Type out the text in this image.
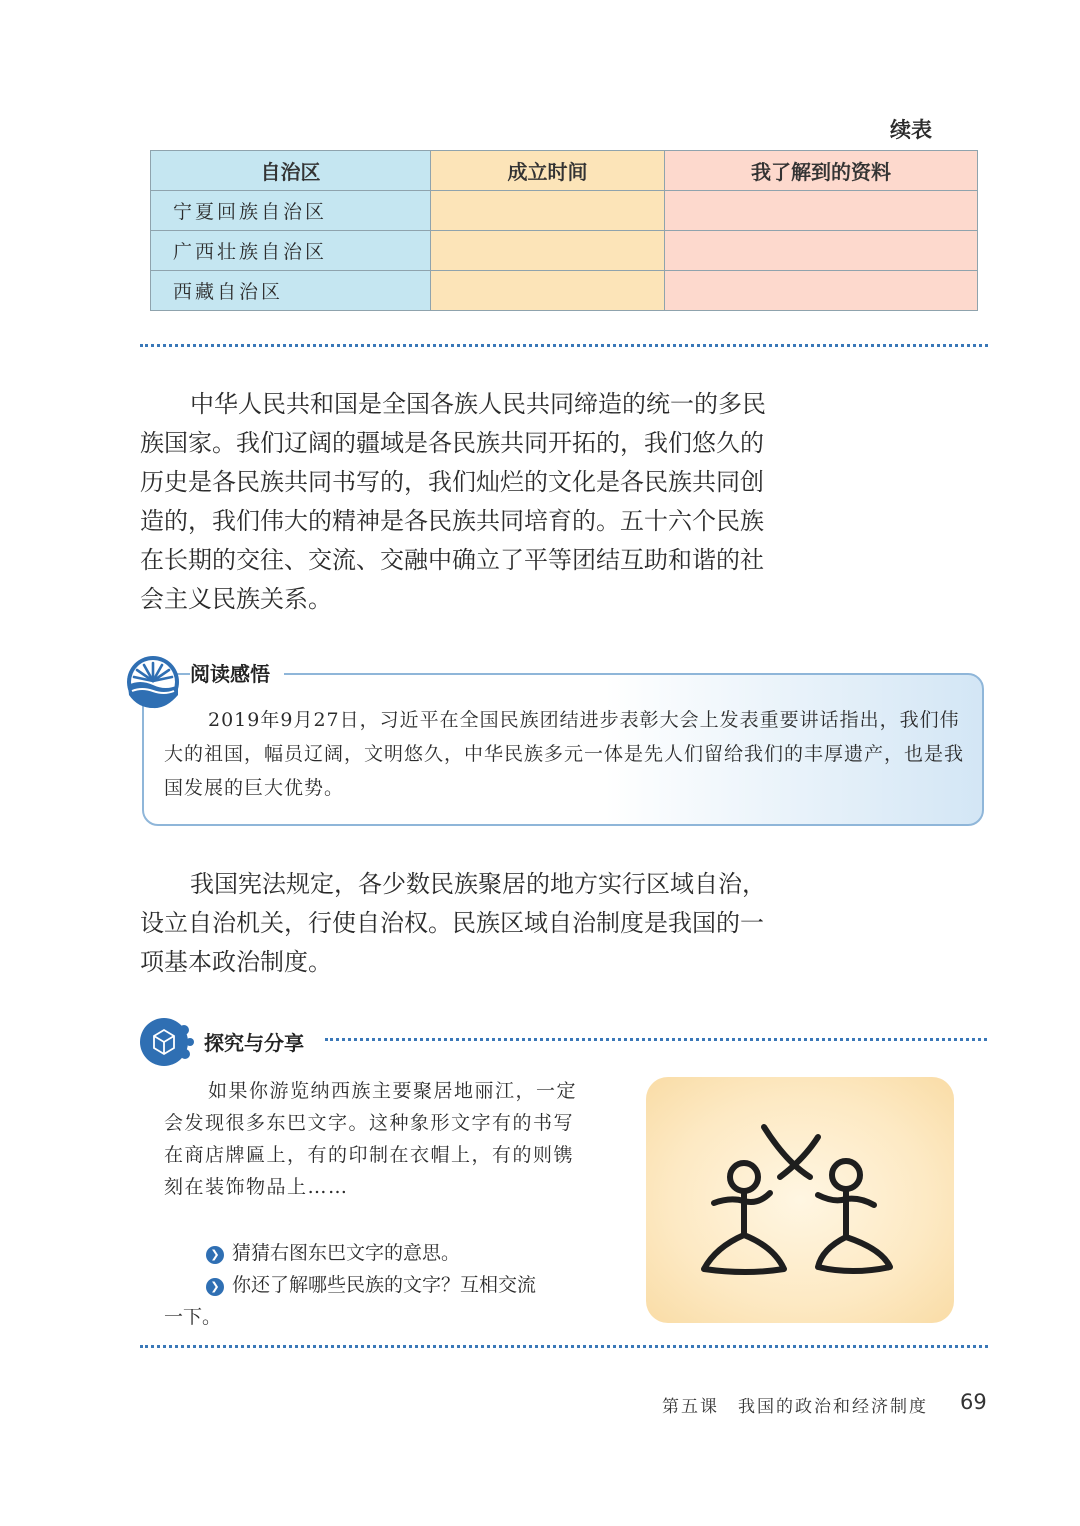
续表
自治区	成立时间	我了解到的资料
宁夏回族自治区		
广西壮族自治区		
西藏自治区		

中华人民共和国是全国各族人民共同缔造的统一的多民族国家。我们辽阔的疆域是各民族共同开拓的，我们悠久的历史是各民族共同书写的，我们灿烂的文化是各民族共同创造的，我们伟大的精神是各民族共同培育的。五十六个民族在长期的交往、交流、交融中确立了平等团结互助和谐的社会主义民族关系。

阅读感悟

2019年9月27日，习近平在全国民族团结进步表彰大会上发表重要讲话指出，我们伟大的祖国，幅员辽阔，文明悠久，中华民族多元一体是先人们留给我们的丰厚遗产，也是我国发展的巨大优势。

我国宪法规定，各少数民族聚居的地方实行区域自治，设立自治机关，行使自治权。民族区域自治制度是我国的一项基本政治制度。

探究与分享

如果你游览纳西族主要聚居地丽江，一定会发现很多东巴文字。这种象形文字有的书写在商店牌匾上，有的印制在衣帽上，有的则镌刻在装饰物品上……

❯ 猜猜右图东巴文字的意思。
❯ 你还了解哪些民族的文字？互相交流
一下。
第五课　我国的政治和经济制度 69
